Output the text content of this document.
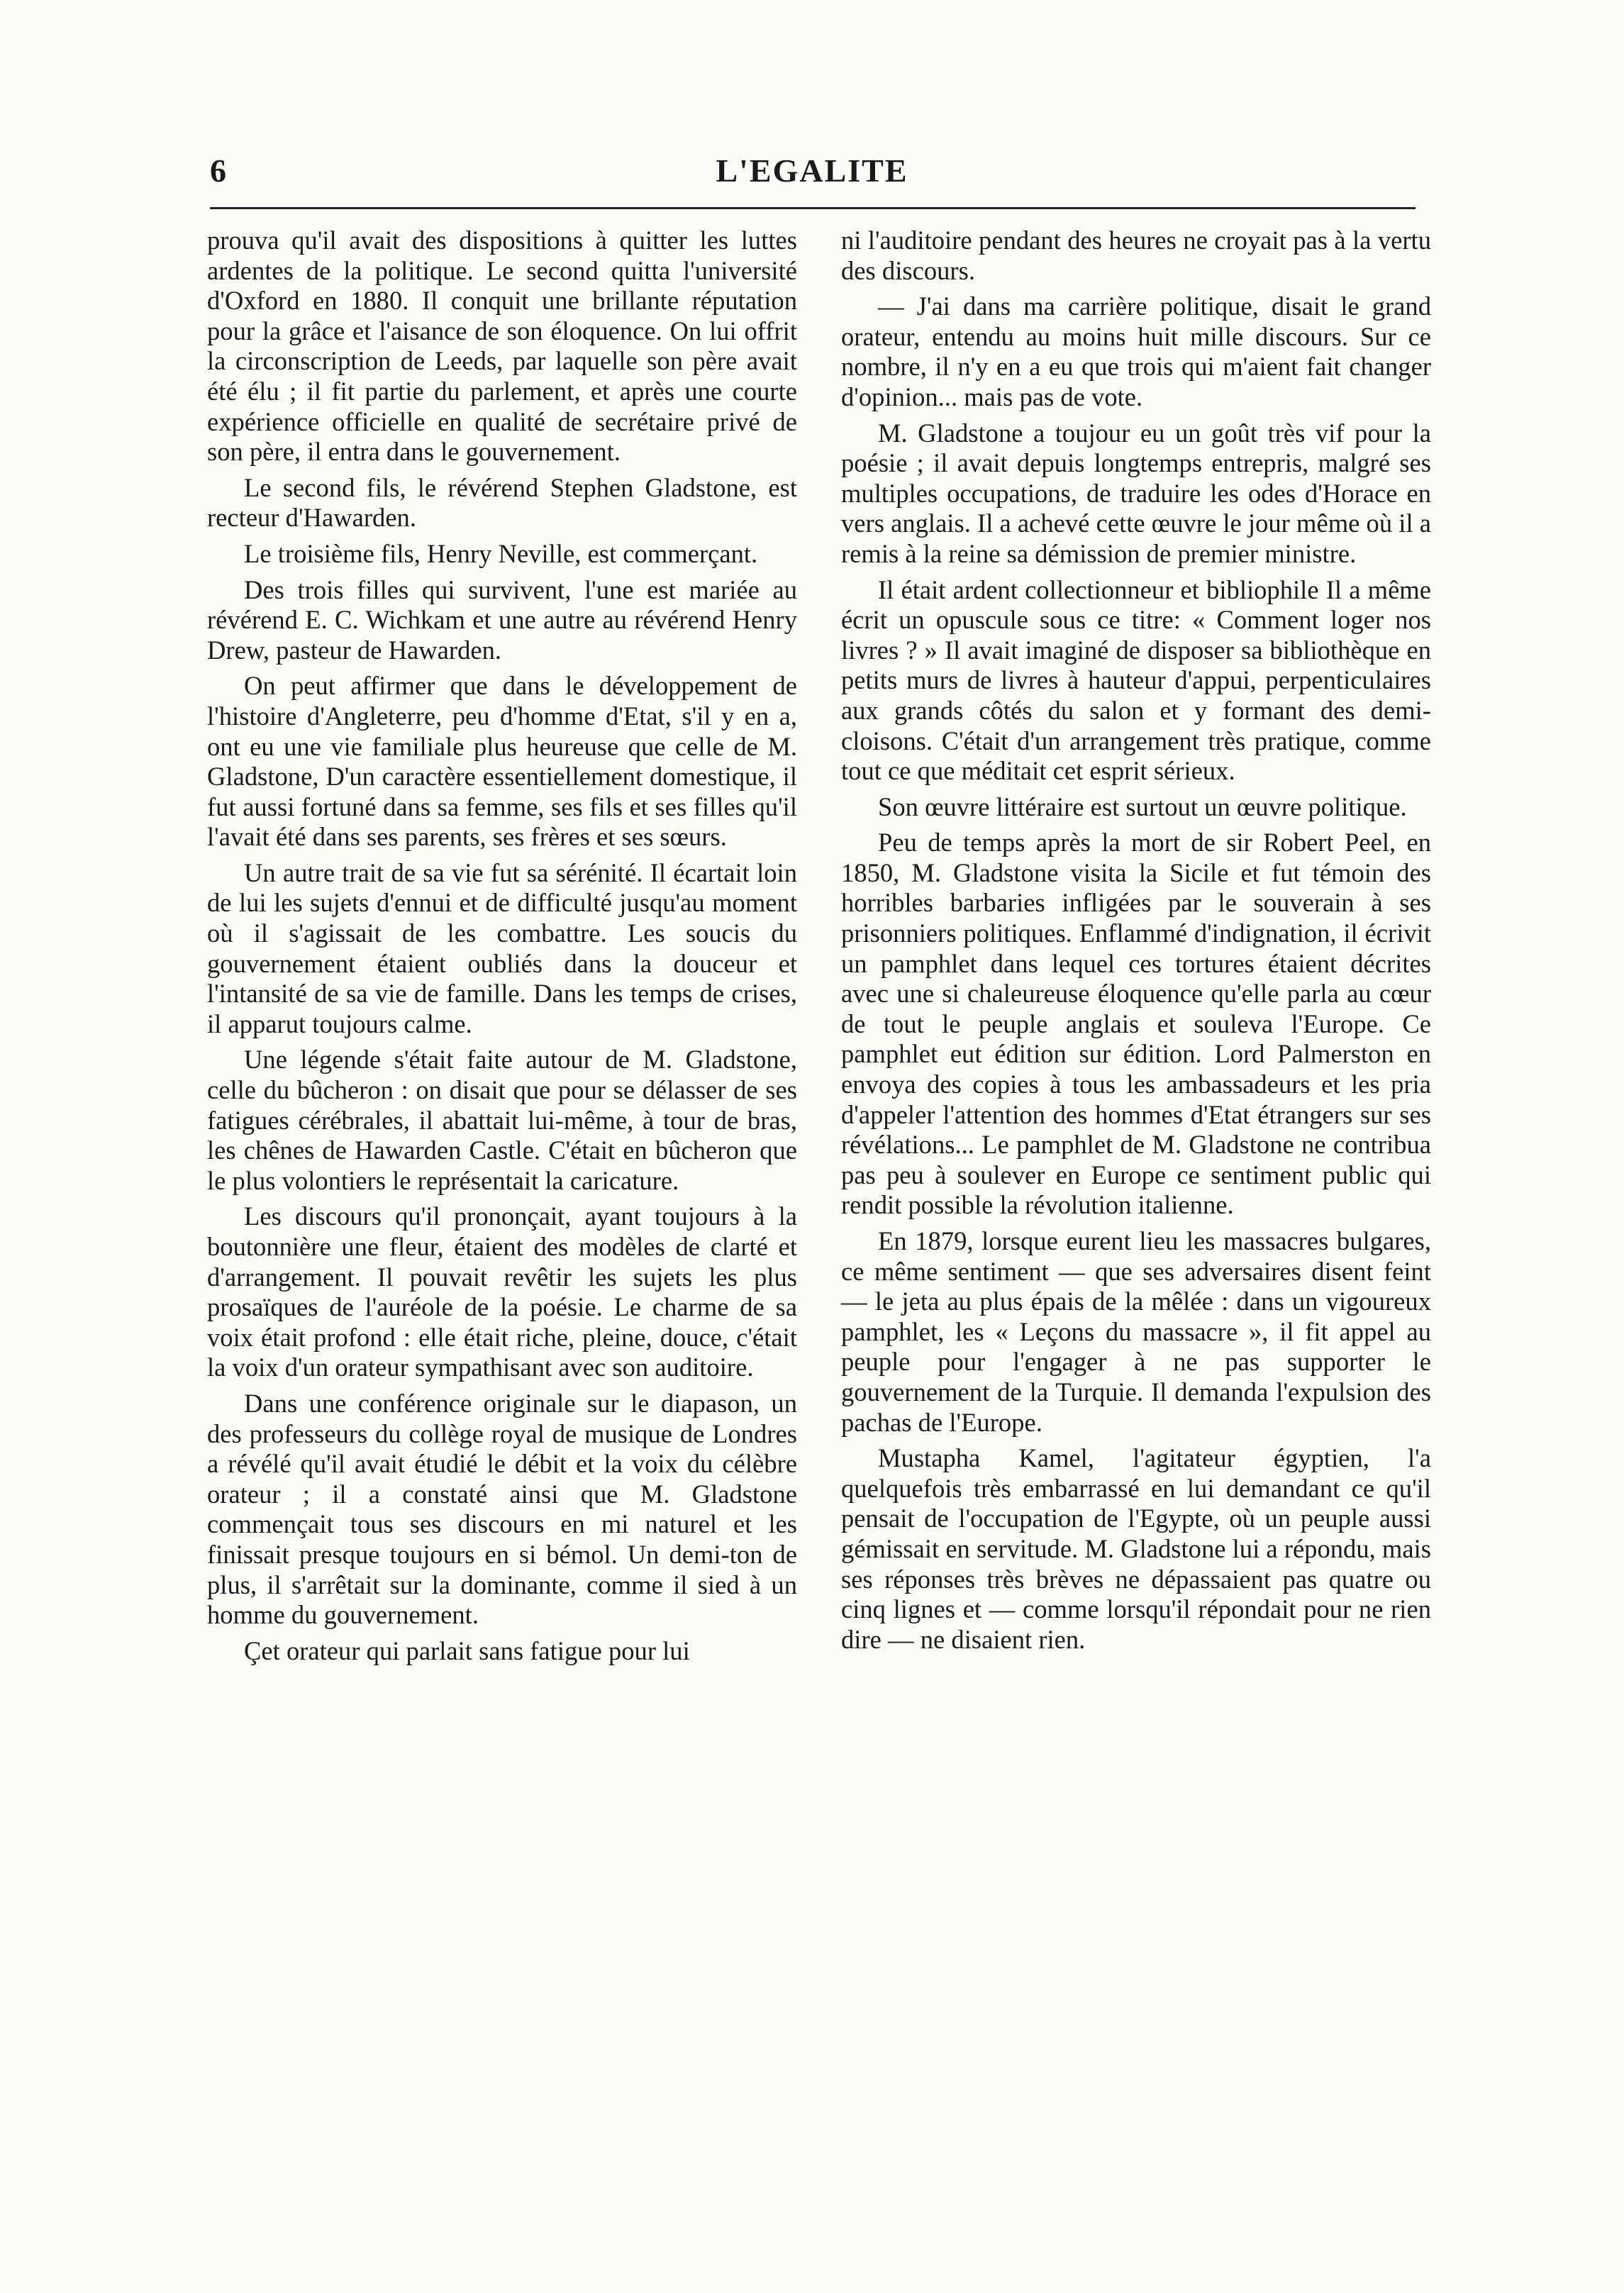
6	L'EGALITE

prouva qu'il avait des dispositions à quitter les luttes ardentes de la politique. Le second quitta l'université d'Oxford en 1880. Il conquit une brillante réputation pour la grâce et l'aisance de son éloquence. On lui offrit la circonscription de Leeds, par laquelle son père avait été élu ; il fit partie du parlement, et après une courte expérience officielle en qualité de secrétaire privé de son père, il entra dans le gouvernement.

Le second fils, le révérend Stephen Gladstone, est recteur d'Hawarden.

Le troisième fils, Henry Neville, est commerçant.

Des trois filles qui survivent, l'une est mariée au révérend E. C. Wichkam et une autre au révérend Henry Drew, pasteur de Hawarden.

On peut affirmer que dans le développement de l'histoire d'Angleterre, peu d'homme d'Etat, s'il y en a, ont eu une vie familiale plus heureuse que celle de M. Gladstone, D'un caractère essentiellement domestique, il fut aussi fortuné dans sa femme, ses fils et ses filles qu'il l'avait été dans ses parents, ses frères et ses sœurs.

Un autre trait de sa vie fut sa sérénité. Il écartait loin de lui les sujets d'ennui et de difficulté jusqu'au moment où il s'agissait de les combattre. Les soucis du gouvernement étaient oubliés dans la douceur et l'intansité de sa vie de famille. Dans les temps de crises, il apparut toujours calme.

Une légende s'était faite autour de M. Gladstone, celle du bûcheron : on disait que pour se délasser de ses fatigues cérébrales, il abattait lui-même, à tour de bras, les chênes de Hawarden Castle. C'était en bûcheron que le plus volontiers le représentait la caricature.

Les discours qu'il prononçait, ayant toujours à la boutonnière une fleur, étaient des modèles de clarté et d'arrangement. Il pouvait revêtir les sujets les plus prosaïques de l'auréole de la poésie. Le charme de sa voix était profond : elle était riche, pleine, douce, c'était la voix d'un orateur sympathisant avec son auditoire.

Dans une conférence originale sur le diapason, un des professeurs du collège royal de musique de Londres a révélé qu'il avait étudié le débit et la voix du célèbre orateur ; il a constaté ainsi que M. Gladstone commençait tous ses discours en mi naturel et les finissait presque toujours en si bémol. Un demi-ton de plus, il s'arrêtait sur la dominante, comme il sied à un homme du gouvernement.

Çet orateur qui parlait sans fatigue pour lui

ni l'auditoire pendant des heures ne croyait pas à la vertu des discours.

— J'ai dans ma carrière politique, disait le grand orateur, entendu au moins huit mille discours. Sur ce nombre, il n'y en a eu que trois qui m'aient fait changer d'opinion... mais pas de vote.

M. Gladstone a toujour eu un goût très vif pour la poésie ; il avait depuis longtemps entrepris, malgré ses multiples occupations, de traduire les odes d'Horace en vers anglais. Il a achevé cette œuvre le jour même où il a remis à la reine sa démission de premier ministre.

Il était ardent collectionneur et bibliophile Il a même écrit un opuscule sous ce titre: « Comment loger nos livres ? » Il avait imaginé de disposer sa bibliothèque en petits murs de livres à hauteur d'appui, perpenticulaires aux grands côtés du salon et y formant des demi-cloisons. C'était d'un arrangement très pratique, comme tout ce que méditait cet esprit sérieux.

Son œuvre littéraire est surtout un œuvre politique.

Peu de temps après la mort de sir Robert Peel, en 1850, M. Gladstone visita la Sicile et fut témoin des horribles barbaries infligées par le souverain à ses prisonniers politiques. Enflammé d'indignation, il écrivit un pamphlet dans lequel ces tortures étaient décrites avec une si chaleureuse éloquence qu'elle parla au cœur de tout le peuple anglais et souleva l'Europe. Ce pamphlet eut édition sur édition. Lord Palmerston en envoya des copies à tous les ambassadeurs et les pria d'appeler l'attention des hommes d'Etat étrangers sur ses révélations... Le pamphlet de M. Gladstone ne contribua pas peu à soulever en Europe ce sentiment public qui rendit possible la révolution italienne.

En 1879, lorsque eurent lieu les massacres bulgares, ce même sentiment — que ses adversaires disent feint — le jeta au plus épais de la mêlée : dans un vigoureux pamphlet, les « Leçons du massacre », il fit appel au peuple pour l'engager à ne pas supporter le gouvernement de la Turquie. Il demanda l'expulsion des pachas de l'Europe.

Mustapha Kamel, l'agitateur égyptien, l'a quelquefois très embarrassé en lui demandant ce qu'il pensait de l'occupation de l'Egypte, où un peuple aussi gémissait en servitude. M. Gladstone lui a répondu, mais ses réponses très brèves ne dépassaient pas quatre ou cinq lignes et — comme lorsqu'il répondait pour ne rien dire — ne disaient rien.
